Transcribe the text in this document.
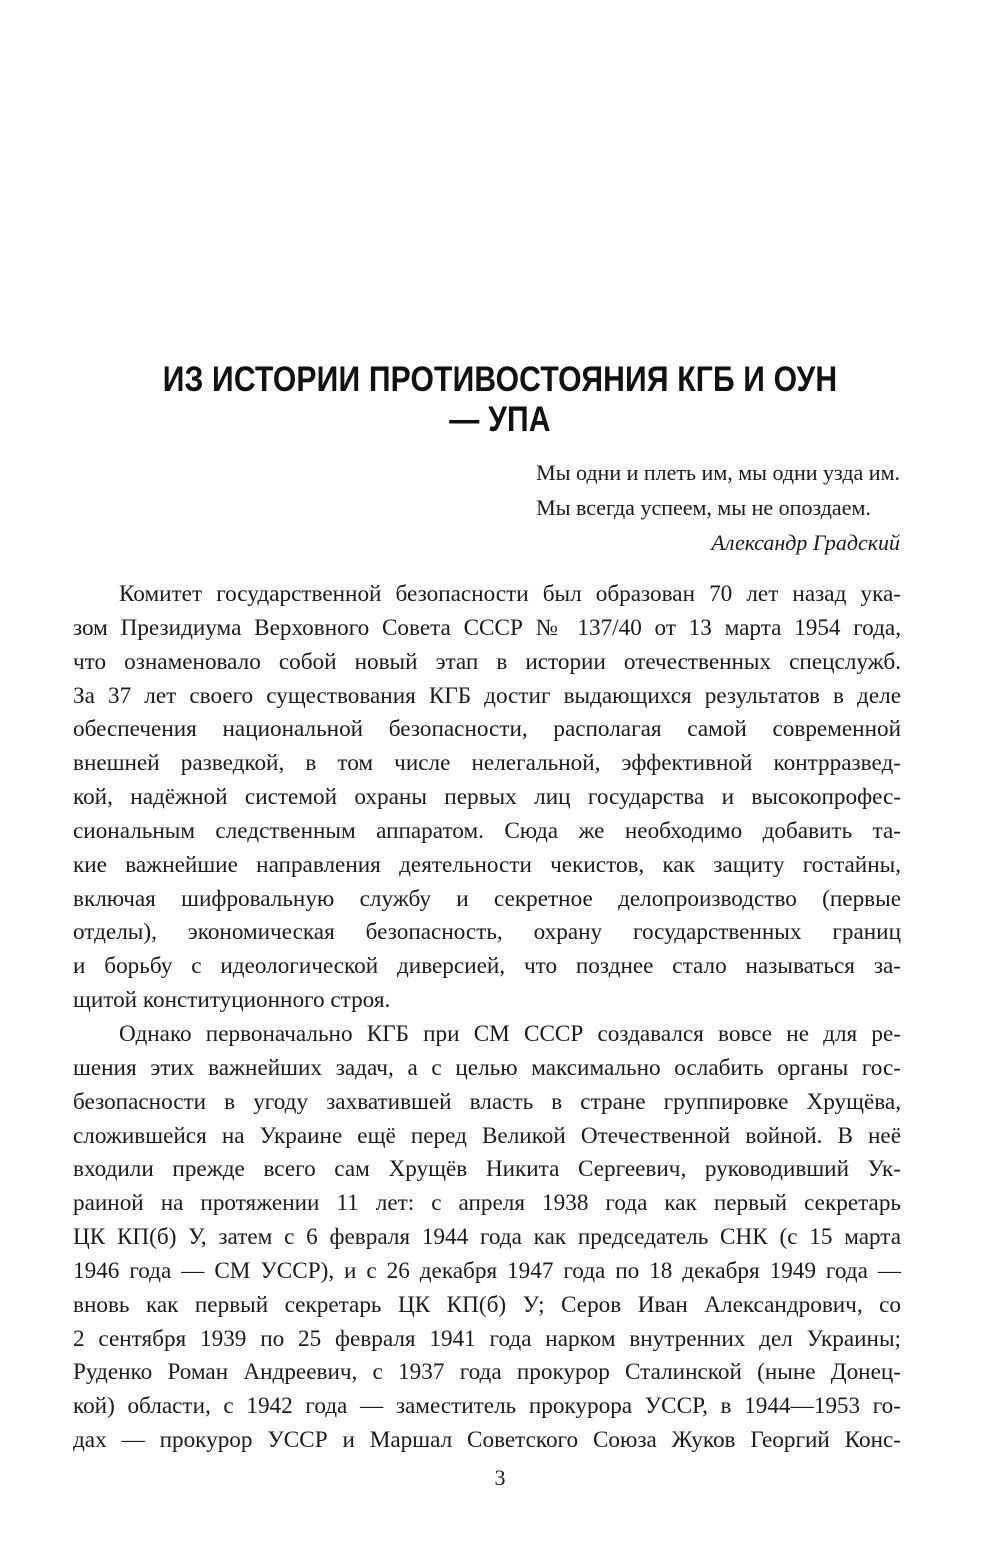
ИЗ ИСТОРИИ ПРОТИВОСТОЯНИЯ КГБ И ОУН — УПА
Мы одни и плеть им, мы одни узда им.
Мы всегда успеем, мы не опоздаем.
Александр Градский

Комитет государственной безопасности был образован 70 лет назад ука-
зом Президиума Верховного Совета СССР № 137/40 от 13 марта 1954 года,
что ознаменовало собой новый этап в истории отечественных спецслужб.
За 37 лет своего существования КГБ достиг выдающихся результатов в деле
обеспечения национальной безопасности, располагая самой современной
внешней разведкой, в том числе нелегальной, эффективной контрразвед-
кой, надёжной системой охраны первых лиц государства и высокопрофес-
сиональным следственным аппаратом. Сюда же необходимо добавить та-
кие важнейшие направления деятельности чекистов, как защиту гостайны,
включая шифровальную службу и секретное делопроизводство (первые
отделы), экономическая безопасность, охрану государственных границ
и борьбу с идеологической диверсией, что позднее стало называться за-
щитой конституционного строя.

Однако первоначально КГБ при СМ СССР создавался вовсе не для ре-
шения этих важнейших задач, а с целью максимально ослабить органы гос-
безопасности в угоду захватившей власть в стране группировке Хрущёва,
сложившейся на Украине ещё перед Великой Отечественной войной. В неё
входили прежде всего сам Хрущёв Никита Сергеевич, руководивший Ук-
раиной на протяжении 11 лет: с апреля 1938 года как первый секретарь
ЦК КП(б) У, затем с 6 февраля 1944 года как председатель СНК (с 15 марта
1946 года — СМ УССР), и с 26 декабря 1947 года по 18 декабря 1949 года —
вновь как первый секретарь ЦК КП(б) У; Серов Иван Александрович, со
2 сентября 1939 по 25 февраля 1941 года нарком внутренних дел Украины;
Руденко Роман Андреевич, с 1937 года прокурор Сталинской (ныне Донец-
кой) области, с 1942 года — заместитель прокурора УССР, в 1944—1953 го-
дах — прокурор УССР и Маршал Советского Союза Жуков Георгий Конс-

3
